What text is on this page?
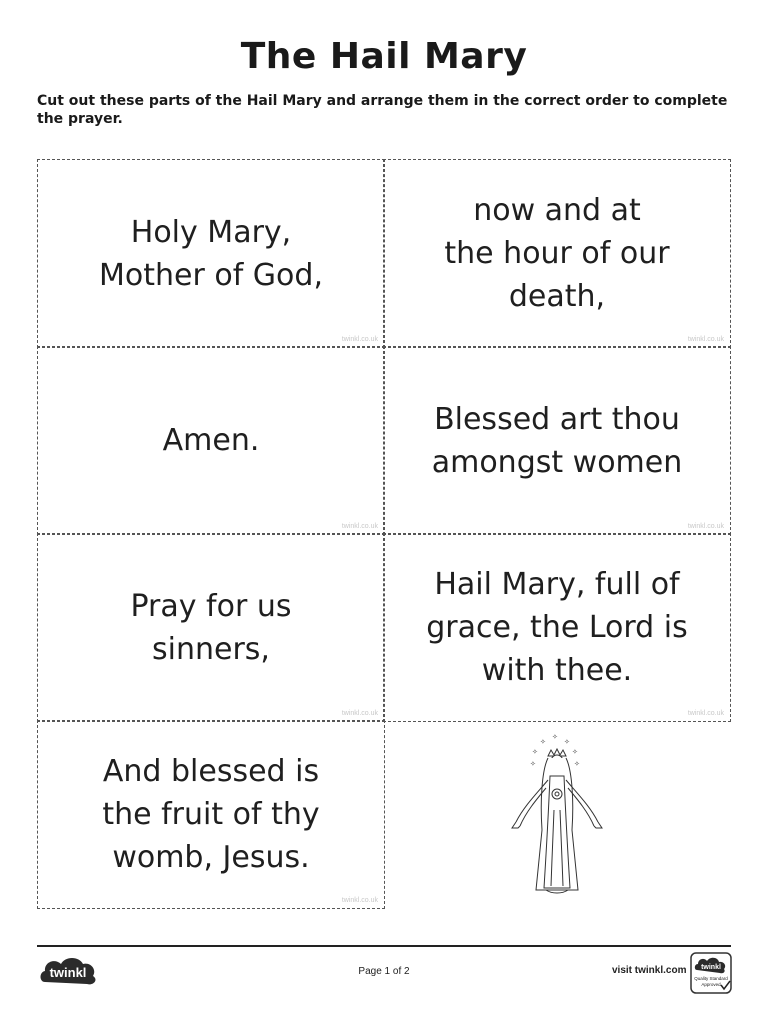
The Hail Mary
Cut out these parts of the Hail Mary and arrange them in the correct order to complete the prayer.
Holy Mary,
Mother of God,
twinkl.co.uk
now and at
the hour of our
death,
twinkl.co.uk
Amen.
twinkl.co.uk
Blessed art thou
amongst women
twinkl.co.uk
Pray for us
sinners,
twinkl.co.uk
Hail Mary, full of
grace, the Lord is
with thee.
twinkl.co.uk
And blessed is
the fruit of thy
womb, Jesus.
twinkl.co.uk
✧
✧
✧
✧	✧
✧	✧
twinkl	Page 1 of 2	visit twinkl.com twinkl
Quality Standard
Approved
